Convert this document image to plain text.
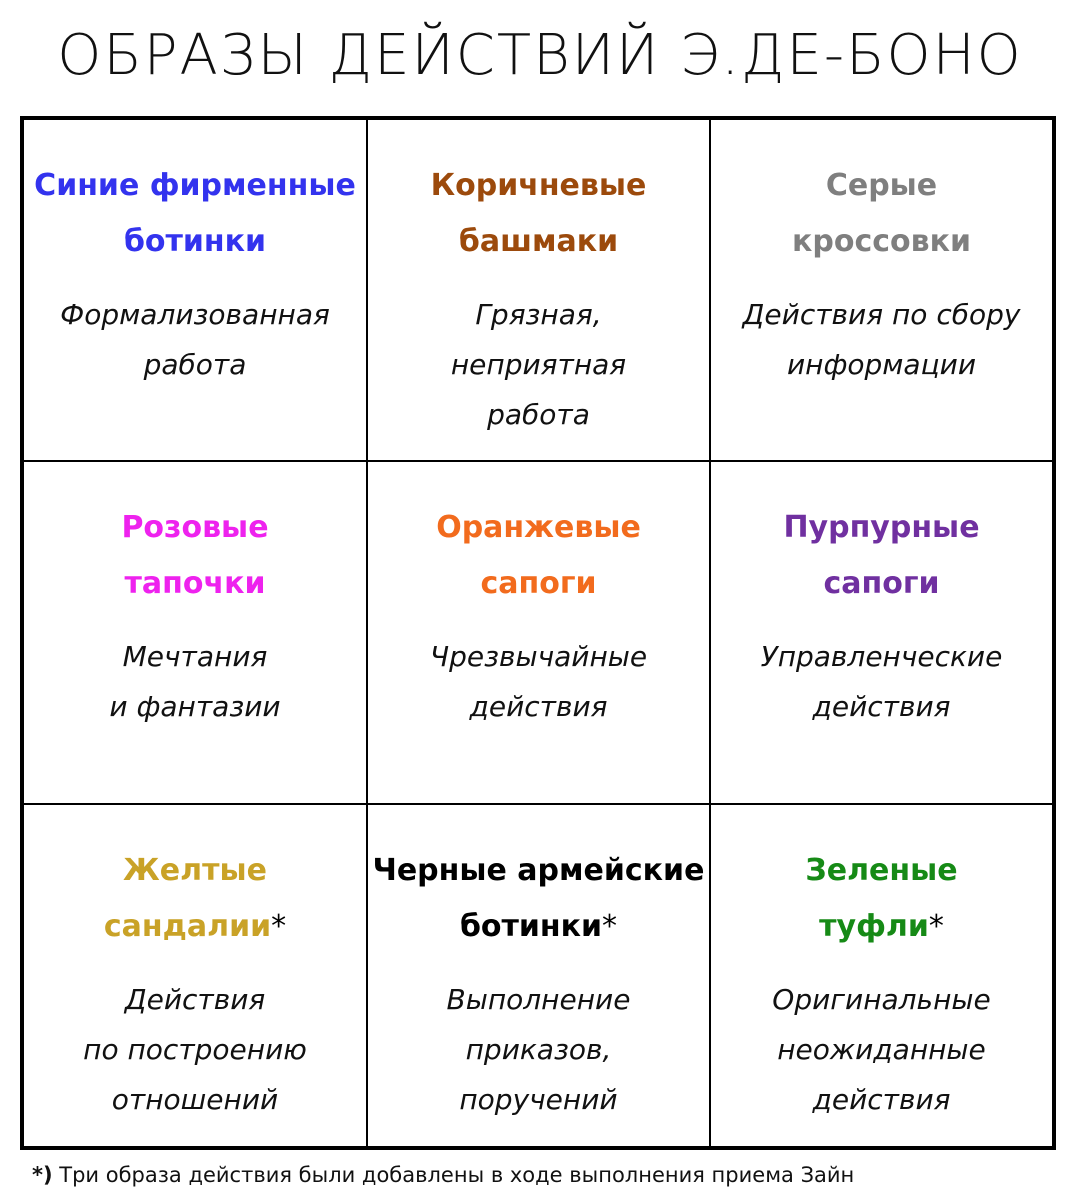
ОБРАЗЫ ДЕЙСТВИЙ Э.ДЕ-БОНО
Синие фирменные
ботинки
Формализованная
работа
Коричневые
башмаки
Грязная,
неприятная
работа
Серые
кроссовки
Действия по сбору
информации
Розовые
тапочки
Мечтания
и фантазии
Оранжевые
сапоги
Чрезвычайные
действия
Пурпурные
сапоги
Управленческие
действия
Желтые
сандалии*
Действия
по построению
отношений
Черные армейские
ботинки*
Выполнение
приказов,
поручений
Зеленые
туфли*
Оригинальные
неожиданные
действия
*) Три образа действия были добавлены в ходе выполнения приема Зайн
